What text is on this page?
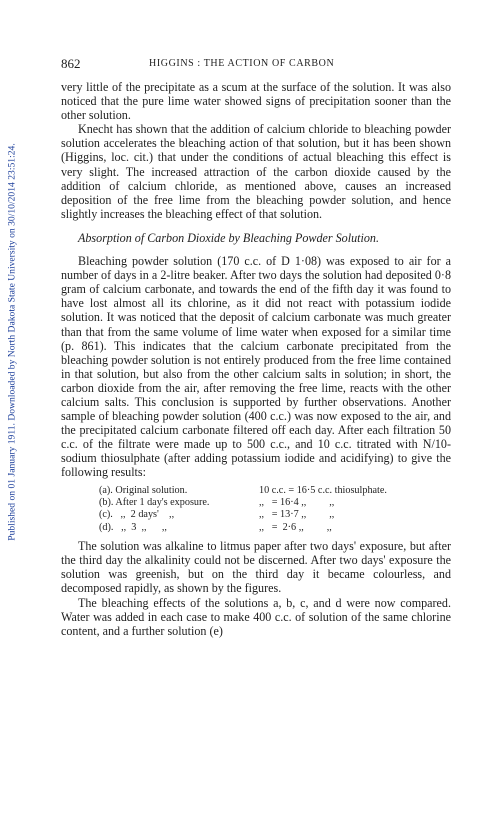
Published on 01 January 1911. Downloaded by North Dakota State University on 30/10/2014 23:51:24.
862	HIGGINS : THE ACTION OF CARBON

very little of the precipitate as a scum at the surface of the solution. It was also noticed that the pure lime water showed signs of precipitation sooner than the other solution.

Knecht has shown that the addition of calcium chloride to bleaching powder solution accelerates the bleaching action of that solution, but it has been shown (Higgins, loc. cit.) that under the conditions of actual bleaching this effect is very slight. The increased attraction of the carbon dioxide caused by the addition of calcium chloride, as mentioned above, causes an increased deposition of the free lime from the bleaching powder solution, and hence slightly increases the bleaching effect of that solution.

Absorption of Carbon Dioxide by Bleaching Powder Solution.

Bleaching powder solution (170 c.c. of D 1·08) was exposed to air for a number of days in a 2-litre beaker. After two days the solution had deposited 0·8 gram of calcium carbonate, and towards the end of the fifth day it was found to have lost almost all its chlorine, as it did not react with potassium iodide solution. It was noticed that the deposit of calcium carbonate was much greater than that from the same volume of lime water when exposed for a similar time (p. 861). This indicates that the calcium carbonate precipitated from the bleaching powder solution is not entirely produced from the free lime contained in that solution, but also from the other calcium salts in solution; in short, the carbon dioxide from the air, after removing the free lime, reacts with the other calcium salts. This conclusion is supported by further observations. Another sample of bleaching powder solution (400 c.c.) was now exposed to the air, and the precipitated calcium carbonate filtered off each day. After each filtration 50 c.c. of the filtrate were made up to 500 c.c., and 10 c.c. titrated with N/10-sodium thiosulphate (after adding potassium iodide and acidifying) to give the following results:

(a). Original solution.	10 c.c. = 16·5 c.c. thiosulphate.
(b). After 1 day's exposure.	,,   = 16·4 ,,         ,,
(c).   ,,  2 days'    ,,	,,   = 13·7 ,,         ,,
(d).   ,,  3  ,,      ,,	,,   =  2·6 ,,         ,,

The solution was alkaline to litmus paper after two days' exposure, but after the third day the alkalinity could not be discerned. After two days' exposure the solution was greenish, but on the third day it became colourless, and decomposed rapidly, as shown by the figures.

The bleaching effects of the solutions a, b, c, and d were now compared. Water was added in each case to make 400 c.c. of solution of the same chlorine content, and a further solution (e)
